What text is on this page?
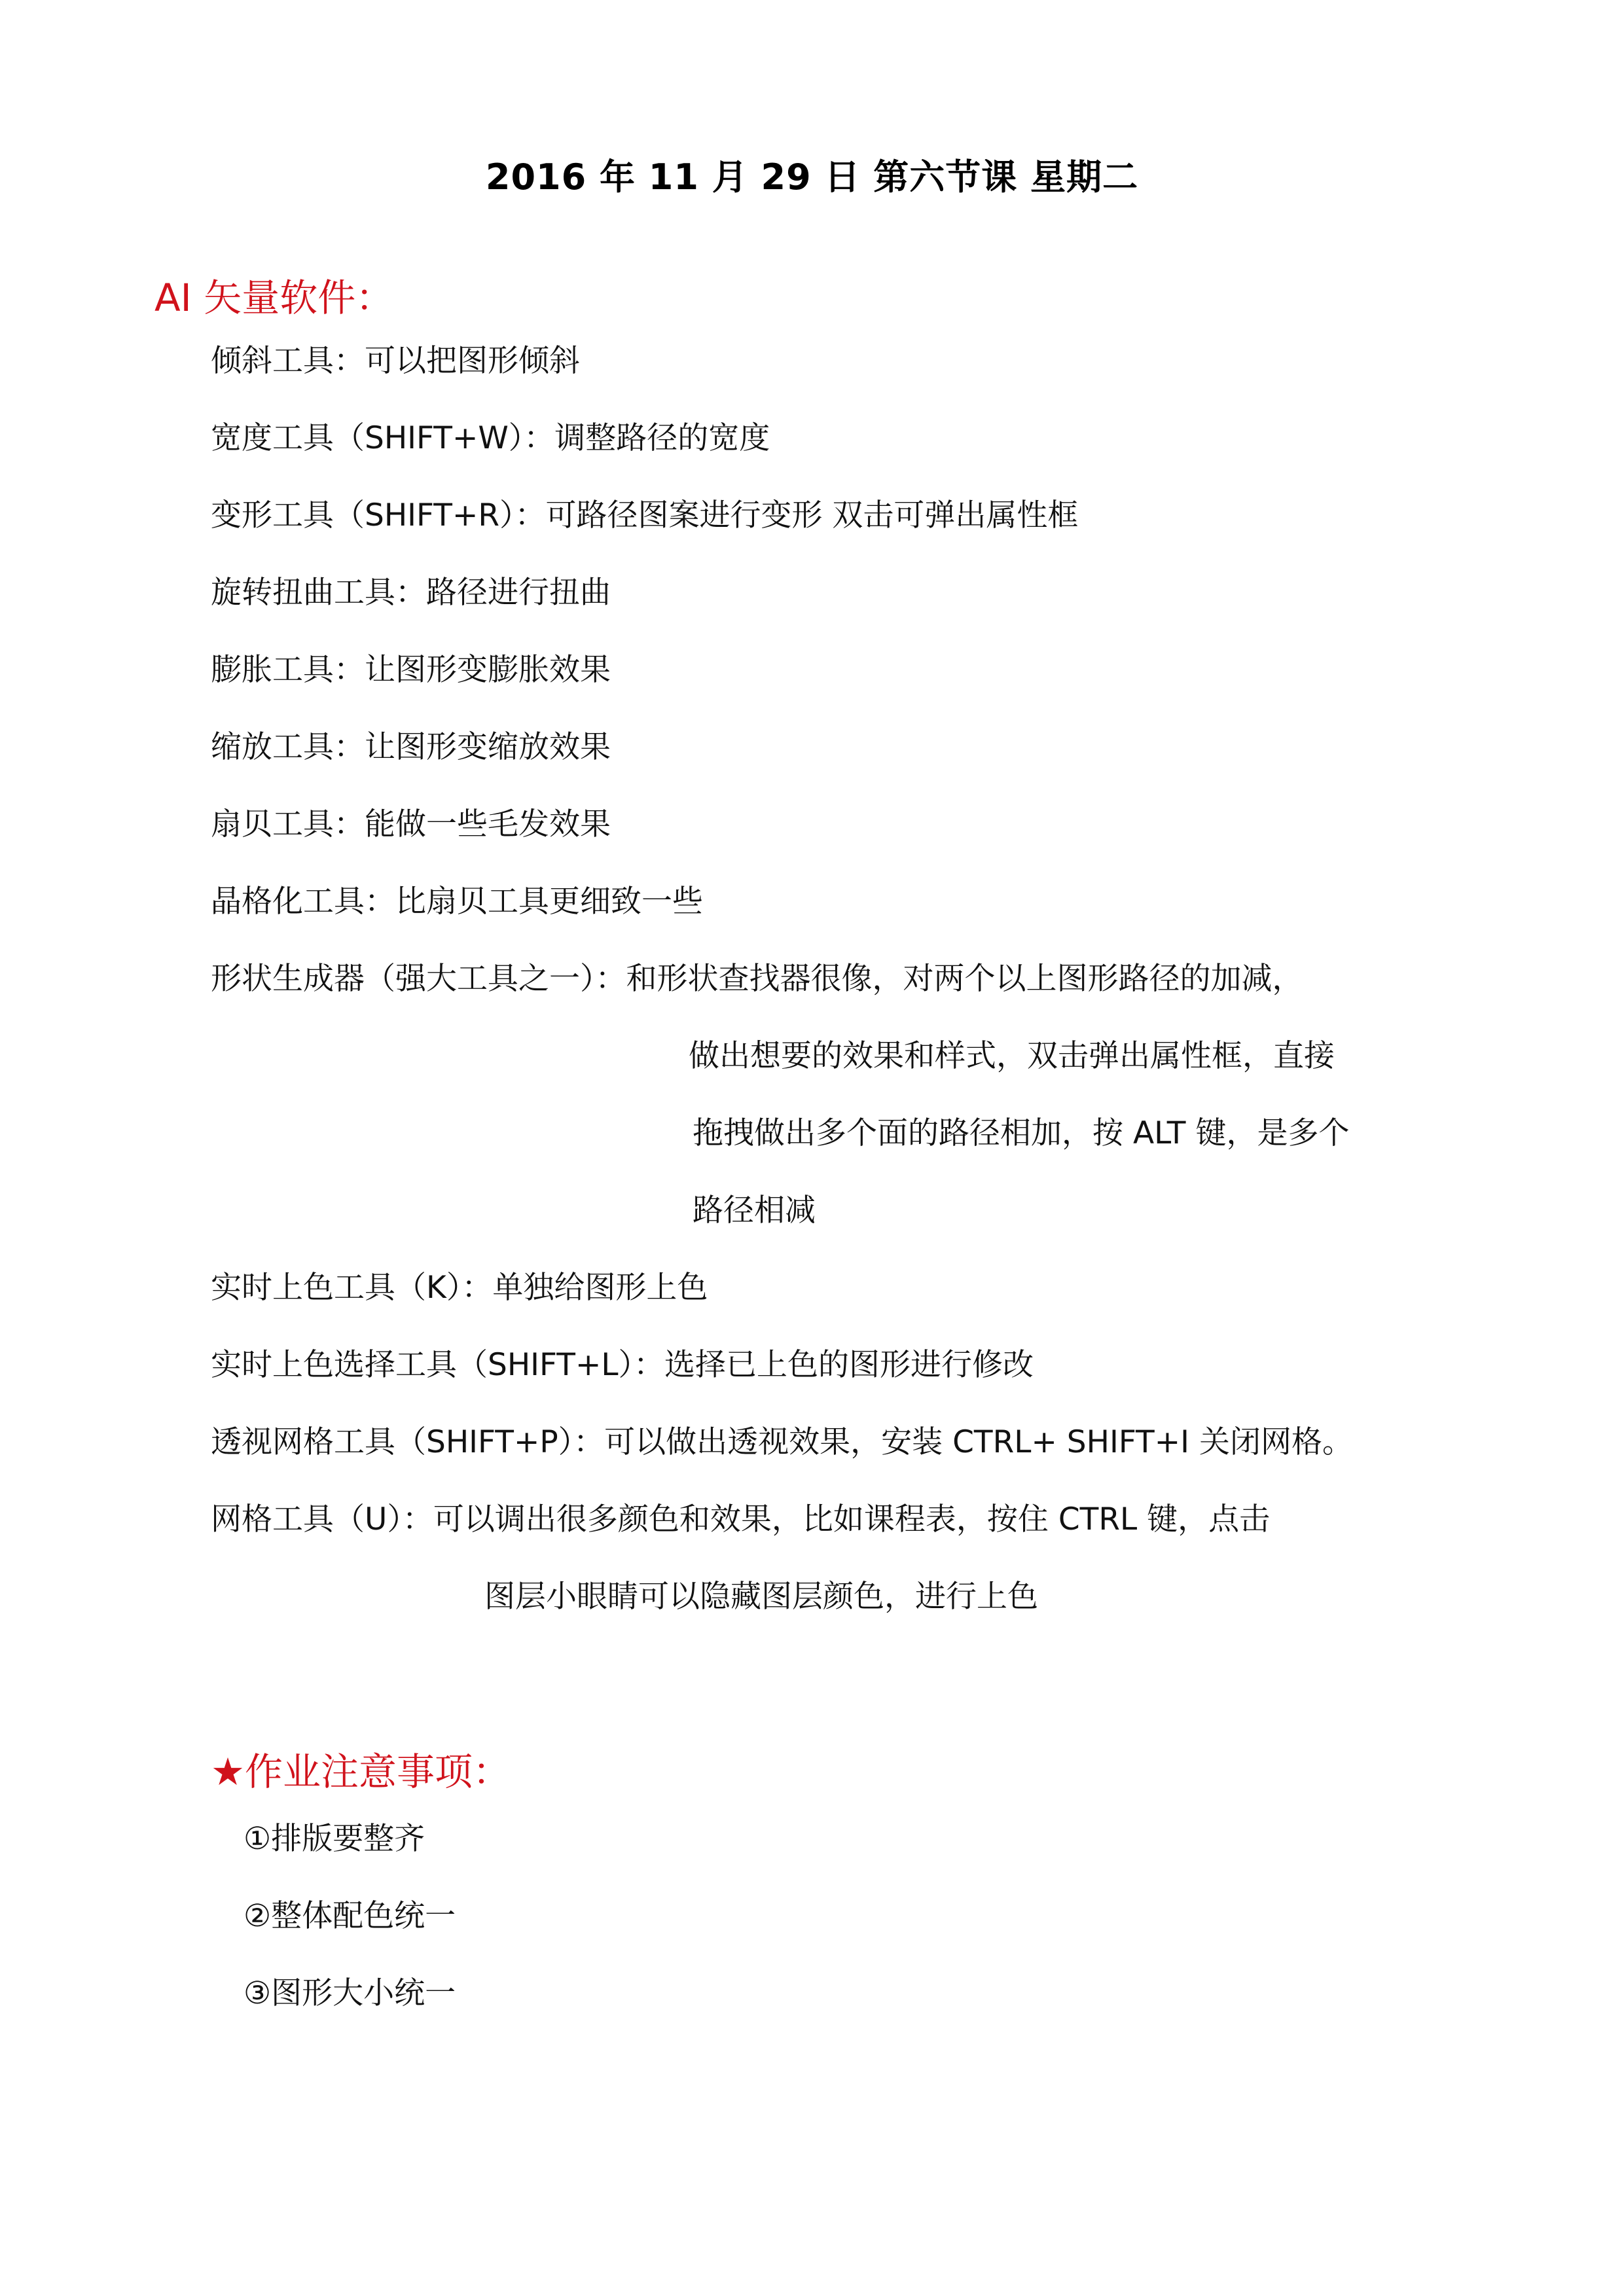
2016 年 11 月 29 日 第六节课 星期二
AI 矢量软件：
倾斜工具：可以把图形倾斜
宽度工具（SHIFT+W）：调整路径的宽度
变形工具（SHIFT+R）：可路径图案进行变形 双击可弹出属性框
旋转扭曲工具：路径进行扭曲
膨胀工具：让图形变膨胀效果
缩放工具：让图形变缩放效果
扇贝工具：能做一些毛发效果
晶格化工具：比扇贝工具更细致一些
形状生成器（强大工具之一）：和形状查找器很像，对两个以上图形路径的加减，
做出想要的效果和样式，双击弹出属性框，直接
拖拽做出多个面的路径相加，按 ALT 键，是多个
路径相减
实时上色工具（K）：单独给图形上色
实时上色选择工具（SHIFT+L）：选择已上色的图形进行修改
透视网格工具（SHIFT+P）：可以做出透视效果，安装 CTRL+ SHIFT+I 关闭网格。
网格工具（U）：可以调出很多颜色和效果，比如课程表，按住 CTRL 键，点击
图层小眼睛可以隐藏图层颜色，进行上色
★作业注意事项：
①排版要整齐
②整体配色统一
③图形大小统一
